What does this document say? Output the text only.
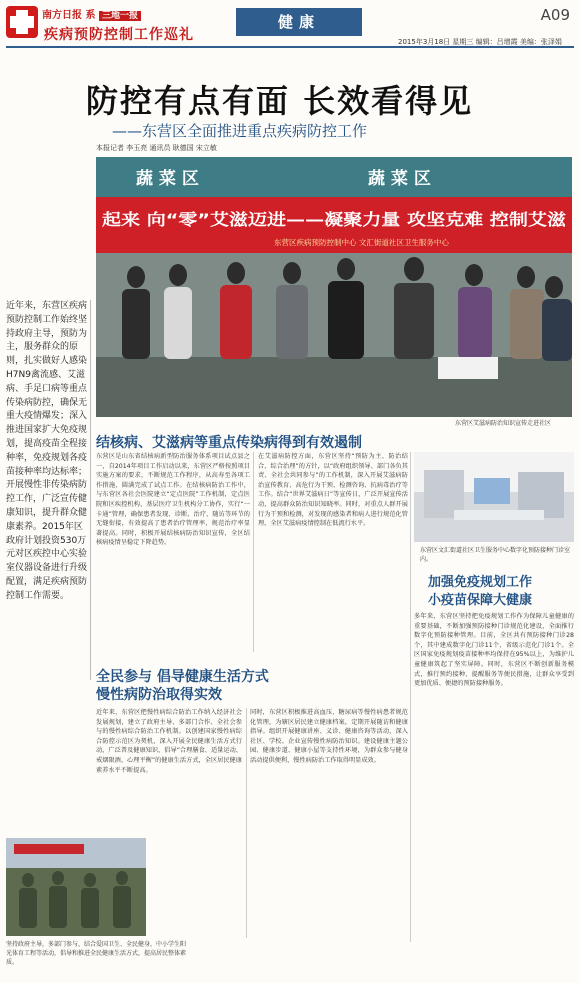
南方日报 系 三地一报
疾病预防控制工作巡礼
健康	A09
2015年3月18日 星期三 编辑：吕增霞 美编：张泽娟
防控有点有面 长效看得见
——东营区全面推进重点疾病防控工作
本报记者 李玉亮 通讯员 耿德国 宋立敏
蔬 菜 区	蔬 菜 区
起来 向“零”艾滋迈进——凝聚力量 攻坚克难 控制艾滋
东营区疾病预防控制中心 文汇街道社区卫生服务中心
东营区艾滋病防治知识宣传走进社区
近年来，东营区疾病预防控制工作始终坚持政府主导，预防为主，服务群众的原则，扎实做好人感染H7N9禽流感、艾滋病、手足口病等重点传染病防控，确保无重大疫情爆发；深入推进国家扩大免疫规划，提高疫苗全程接种率，免疫规划各疫苗接种率均达标率；开展慢性非传染病防控工作，广泛宣传健康知识，提升群众健康素养。2015年区政府计划投资530万元对区疾控中心实验室仪器设备进行升级配置，满足疾病预防控制工作需要。
结核病、艾滋病等重点传染病得到有效遏制
东营区是山东省结核病新型防治服务体系项目试点县之一，自2014年项目工作启动以来，东营区严格按照项目实施方案的要求，不断规范工作程序，从高寿至各项工作措施，圆满完成了试点工作。在结核病防治工作中，与东营区各社会医院建立“定点医院”工作机制，定点医院和区疾控机构、基层医疗卫生机构分工协作，实行“一卡通”管理，确保患者发现、诊断、治疗、随访等环节的无缝衔接，有效提高了患者治疗管理率，规范治疗率显著提高。同时，积极开展结核病防治知识宣传，全区结核病疫情呈稳定下降趋势。
在艾滋病防控方面，东营区坚持“预防为主、防治结合、综合治理”的方针，以“政府组织领导、部门各负其责、全社会共同参与”的工作机制，深入开展艾滋病防治宣传教育、高危行为干预、检测咨询、抗病毒治疗等工作。结合“世界艾滋病日”等宣传日，广泛开展宣传活动，提高群众防治知识知晓率。同时，对重点人群开展行为干预和检测，对发现的感染者和病人进行规范化管理，全区艾滋病疫情控制在低流行水平。
东营区文汇街道社区卫生服务中心数字化预防接种门诊室内。
加强免疫规划工作
小疫苗保障大健康
多年来，东营区坚持把免疫规划工作作为保障儿童健康的重要基础，不断加强预防接种门诊规范化建设，全面推行数字化预防接种管理。目前，全区共有预防接种门诊28个，其中建成数字化门诊11个，省级示范化门诊1个。全区国家免疫规划疫苗接种率均保持在95%以上，为维护儿童健康筑起了坚实屏障。同时，东营区不断创新服务模式，推行预约接种、提醒服务等便民措施，让群众享受到更加优质、便捷的预防接种服务。
全民参与 倡导健康生活方式
慢性病防治取得实效
近年来，东营区把慢性病综合防治工作纳入经济社会发展规划，建立了政府主导、多部门合作、全社会参与的慢性病综合防治工作机制。以创建国家慢性病综合防控示范区为契机，深入开展全民健康生活方式行动，广泛普及健康知识，倡导“合理膳食、适量运动、戒烟限酒、心理平衡”的健康生活方式，全区居民健康素养水平不断提高。
同时，东营区积极推进高血压、糖尿病等慢性病患者规范化管理，为辖区居民建立健康档案，定期开展随访和健康指导。组织开展健康讲座、义诊、健康咨询等活动，深入社区、学校、企业宣传慢性病防治知识。建设健康主题公园、健康步道、健康小屋等支持性环境，为群众参与健身活动提供便利，慢性病防治工作取得明显成效。
坚持政府主导，多部门参与，结合爱国卫生、全民健身，中小学生阳光体育工程等活动，倡导和推进全民健康生活方式，提高居民整体素质。
